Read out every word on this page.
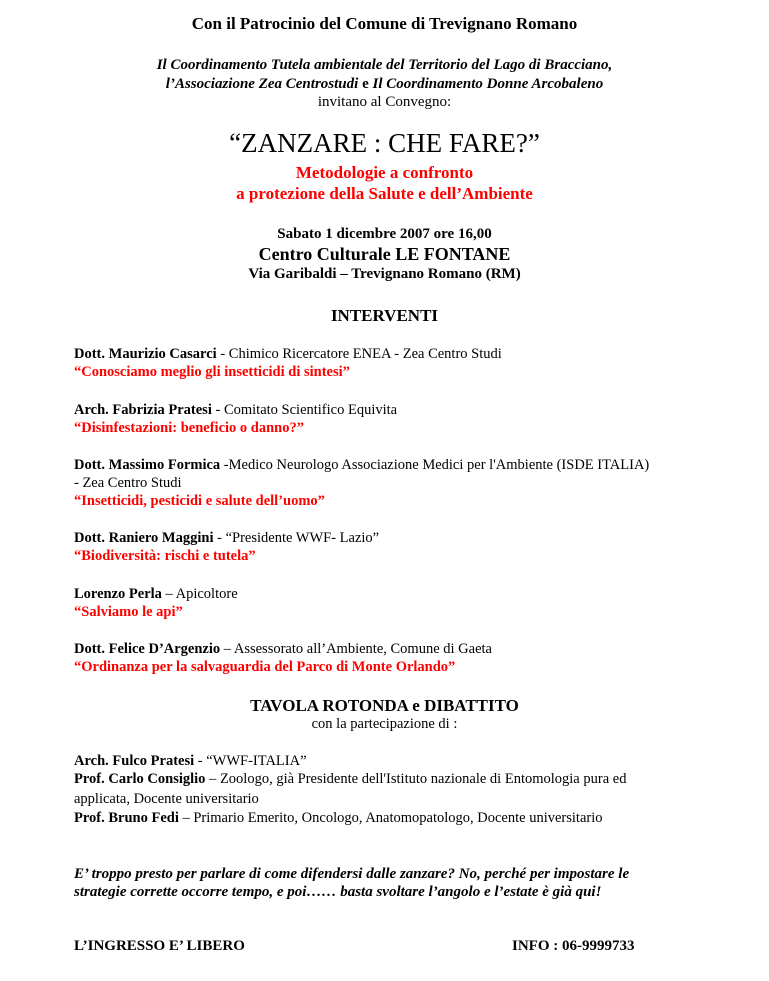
Con il Patrocinio del Comune di Trevignano Romano
Il Coordinamento Tutela ambientale del Territorio del Lago di Bracciano,
l’Associazione Zea Centrostudi e Il Coordinamento Donne Arcobaleno
invitano al Convegno:
“ZANZARE : CHE FARE?”
Metodologie a confronto
a protezione della Salute e dell’Ambiente
Sabato 1 dicembre 2007 ore 16,00
Centro Culturale LE FONTANE
Via Garibaldi – Trevignano Romano (RM)
INTERVENTI
Dott. Maurizio Casarci - Chimico Ricercatore ENEA - Zea Centro Studi
“Conosciamo meglio gli insetticidi di sintesi”
Arch. Fabrizia Pratesi - Comitato Scientifico Equivita
“Disinfestazioni: beneficio o danno?”
Dott. Massimo Formica -Medico Neurologo Associazione Medici per l'Ambiente (ISDE ITALIA)
- Zea Centro Studi
“Insetticidi, pesticidi e salute dell’uomo”
Dott. Raniero Maggini - “Presidente WWF- Lazio”
“Biodiversità: rischi e tutela”
Lorenzo Perla – Apicoltore
“Salviamo le api”
Dott. Felice D’Argenzio – Assessorato all’Ambiente, Comune di Gaeta
“Ordinanza per la salvaguardia del Parco di Monte Orlando”
TAVOLA ROTONDA e DIBATTITO
con la partecipazione di :
Arch. Fulco Pratesi - “WWF-ITALIA”
Prof. Carlo Consiglio – Zoologo, già Presidente dell'Istituto nazionale di Entomologia pura ed
applicata, Docente universitario
Prof. Bruno Fedi – Primario Emerito, Oncologo, Anatomopatologo, Docente universitario
E’ troppo presto per parlare di come difendersi dalle zanzare? No, perché per impostare le
strategie corrette occorre tempo, e poi…… basta svoltare l’angolo e l’estate è già qui!
L’INGRESSO E’ LIBERO	INFO : 06-9999733
